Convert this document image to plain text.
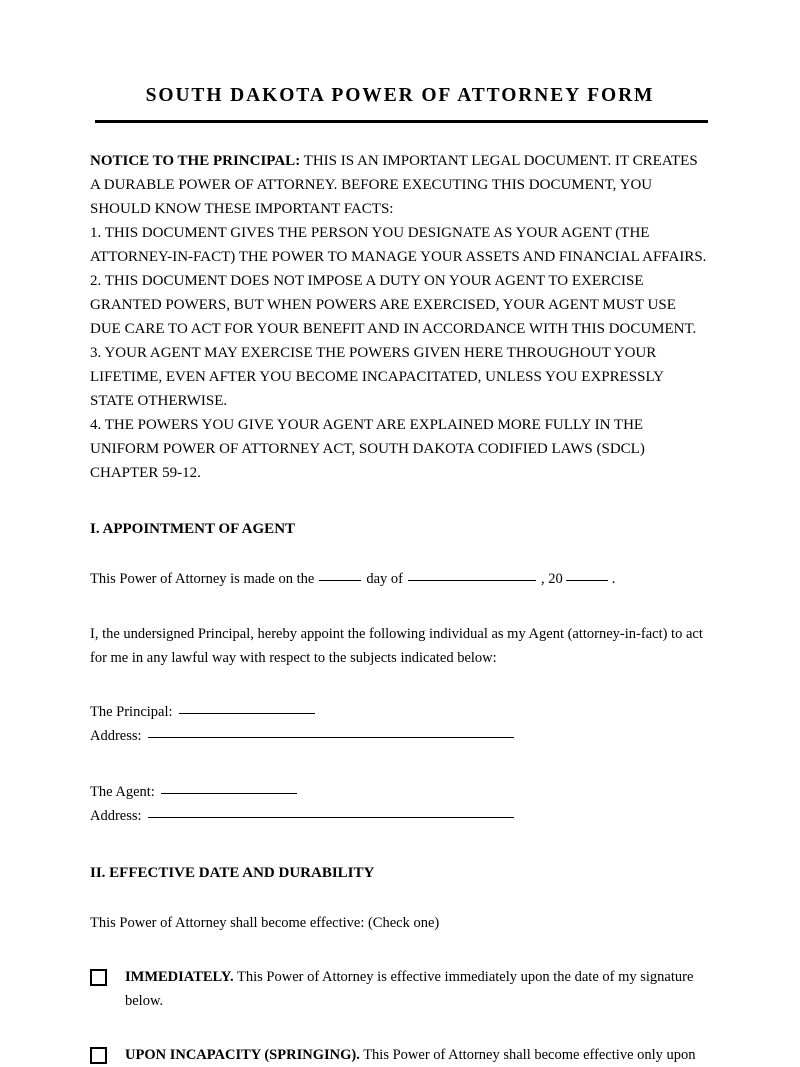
SOUTH DAKOTA POWER OF ATTORNEY FORM

NOTICE TO THE PRINCIPAL: THIS IS AN IMPORTANT LEGAL DOCUMENT. IT CREATES A DURABLE POWER OF ATTORNEY. BEFORE EXECUTING THIS DOCUMENT, YOU SHOULD KNOW THESE IMPORTANT FACTS:

1. THIS DOCUMENT GIVES THE PERSON YOU DESIGNATE AS YOUR AGENT (THE ATTORNEY-IN-FACT) THE POWER TO MANAGE YOUR ASSETS AND FINANCIAL AFFAIRS.

2. THIS DOCUMENT DOES NOT IMPOSE A DUTY ON YOUR AGENT TO EXERCISE GRANTED POWERS, BUT WHEN POWERS ARE EXERCISED, YOUR AGENT MUST USE DUE CARE TO ACT FOR YOUR BENEFIT AND IN ACCORDANCE WITH THIS DOCUMENT.

3. YOUR AGENT MAY EXERCISE THE POWERS GIVEN HERE THROUGHOUT YOUR LIFETIME, EVEN AFTER YOU BECOME INCAPACITATED, UNLESS YOU EXPRESSLY STATE OTHERWISE.

4. THE POWERS YOU GIVE YOUR AGENT ARE EXPLAINED MORE FULLY IN THE UNIFORM POWER OF ATTORNEY ACT, SOUTH DAKOTA CODIFIED LAWS (SDCL) CHAPTER 59-12.

I. APPOINTMENT OF AGENT
This Power of Attorney is made on the	day of	, 20	.
I, the undersigned Principal, hereby appoint the following individual as my Agent (attorney-in-fact) to act for me in any lawful way with respect to the subjects indicated below:
The Principal:
Address:
The Agent:
Address:
II. EFFECTIVE DATE AND DURABILITY
This Power of Attorney shall become effective: (Check one)
IMMEDIATELY. This Power of Attorney is effective immediately upon the date of my signature below.
UPON INCAPACITY (SPRINGING). This Power of Attorney shall become effective only upon
